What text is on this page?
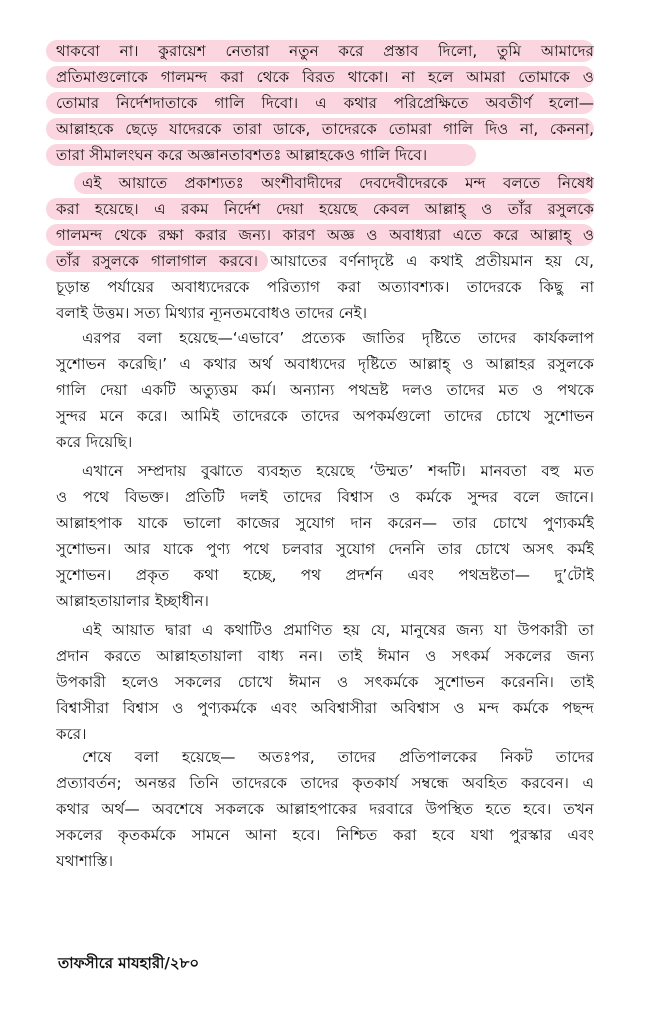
থাকবো না। কুরায়েশ নেতারা নতুন করে প্রস্তাব দিলো, তুমি আমাদের
প্রতিমাগুলোকে গালমন্দ করা থেকে বিরত থাকো। না হলে আমরা তোমাকে ও
তোমার নির্দেশদাতাকে গালি দিবো। এ কথার পরিপ্রেক্ষিতে অবতীর্ণ হলো—
আল্লাহকে ছেড়ে যাদেরকে তারা ডাকে, তাদেরকে তোমরা গালি দিও না, কেননা,
তারা সীমালংঘন করে অজ্ঞানতাবশতঃ আল্লাহকেও গালি দিবে।
এই আয়াতে প্রকাশ্যতঃ অংশীবাদীদের দেবদেবীদেরকে মন্দ বলতে নিষেধ
করা হয়েছে। এ রকম নির্দেশ দেয়া হয়েছে কেবল আল্লাহ্ ও তাঁর রসুলকে
গালমন্দ থেকে রক্ষা করার জন্য। কারণ অজ্ঞ ও অবাধ্যরা এতে করে আল্লাহ্ ও
তাঁর রসুলকে গালাগাল করবে। আয়াতের বর্ণনাদৃষ্টে এ কথাই প্রতীয়মান হয় যে,
চূড়ান্ত পর্যায়ের অবাধ্যদেরকে পরিত্যাগ করা অত্যাবশ্যক। তাদেরকে কিছু না
বলাই উত্তম। সত্য মিথ্যার ন্যূনতমবোধও তাদের নেই।
এরপর বলা হয়েছে—‘এভাবে’ প্রত্যেক জাতির দৃষ্টিতে তাদের কার্যকলাপ
সুশোভন করেছি।’ এ কথার অর্থ অবাধ্যদের দৃষ্টিতে আল্লাহ্ ও আল্লাহর রসুলকে
গালি দেয়া একটি অত্যুত্তম কর্ম। অন্যান্য পথভ্রষ্ট দলও তাদের মত ও পথকে
সুন্দর মনে করে। আমিই তাদেরকে তাদের অপকর্মগুলো তাদের চোখে সুশোভন
করে দিয়েছি।
এখানে সম্প্রদায় বুঝাতে ব্যবহৃত হয়েছে ‘উম্মত’ শব্দটি। মানবতা বহু মত
ও পথে বিভক্ত। প্রতিটি দলই তাদের বিশ্বাস ও কর্মকে সুন্দর বলে জানে।
আল্লাহপাক যাকে ভালো কাজের সুযোগ দান করেন— তার চোখে পুণ্যকর্মই
সুশোভন। আর যাকে পুণ্য পথে চলবার সুযোগ দেননি তার চোখে অসৎ কর্মই
সুশোভন। প্রকৃত কথা হচ্ছে, পথ প্রদর্শন এবং পথভ্রষ্টতা— দু’টোই
আল্লাহতায়ালার ইচ্ছাধীন।
এই আয়াত দ্বারা এ কথাটিও প্রমাণিত হয় যে, মানুষের জন্য যা উপকারী তা
প্রদান করতে আল্লাহতায়ালা বাধ্য নন। তাই ঈমান ও সৎকর্ম সকলের জন্য
উপকারী হলেও সকলের চোখে ঈমান ও সৎকর্মকে সুশোভন করেননি। তাই
বিশ্বাসীরা বিশ্বাস ও পুণ্যকর্মকে এবং অবিশ্বাসীরা অবিশ্বাস ও মন্দ কর্মকে পছন্দ
করে।
শেষে বলা হয়েছে— অতঃপর, তাদের প্রতিপালকের নিকট তাদের
প্রত্যাবর্তন; অনন্তর তিনি তাদেরকে তাদের কৃতকার্য সম্বন্ধে অবহিত করবেন। এ
কথার অর্থ— অবশেষে সকলকে আল্লাহপাকের দরবারে উপস্থিত হতে হবে। তখন
সকলের কৃতকর্মকে সামনে আনা হবে। নিশ্চিত করা হবে যথা পুরস্কার এবং
যথাশাস্তি।
তাফসীরে মাযহারী/২৮০
